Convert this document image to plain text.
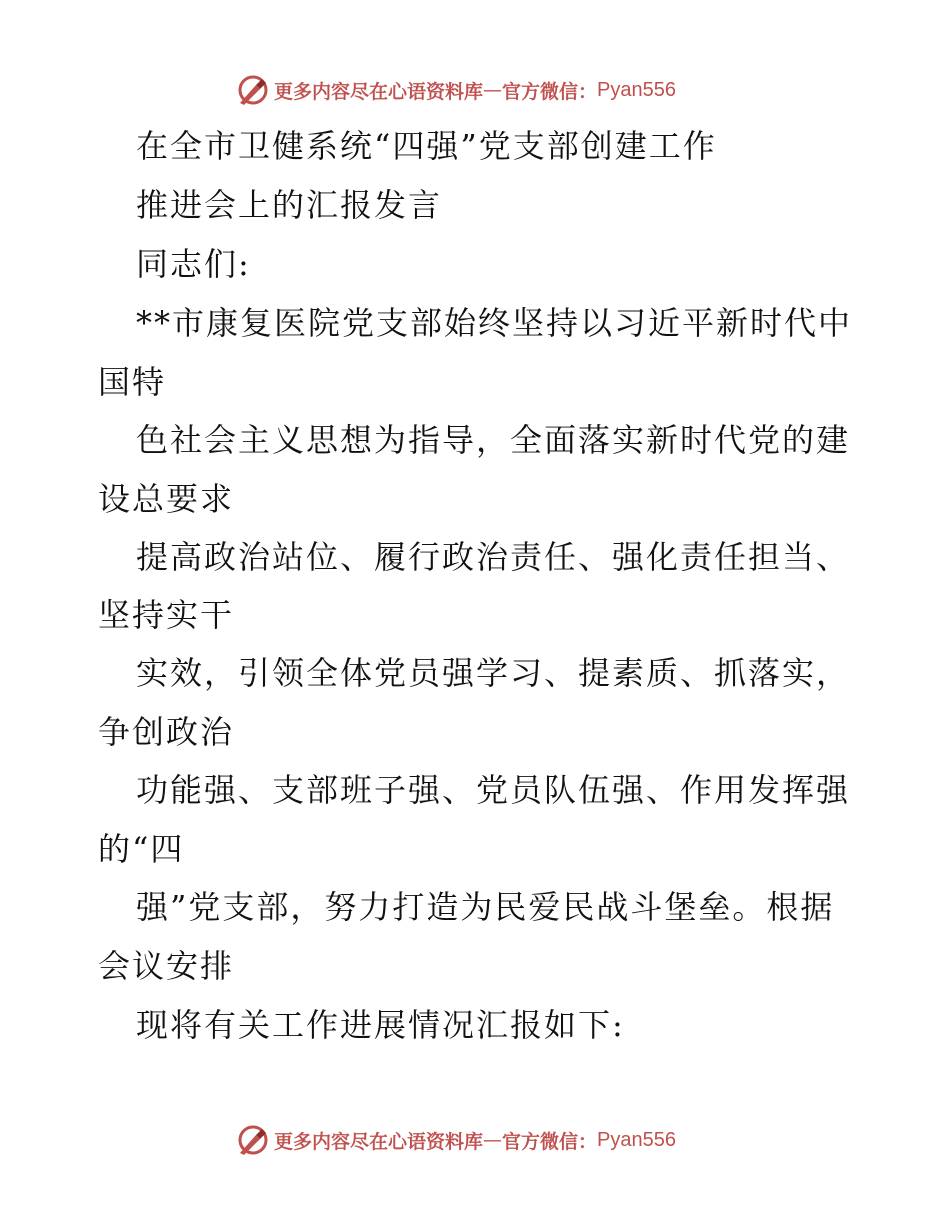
更多内容尽在心语资料库 — 官方微信： Pyan556
在全市卫健系统“四强”党支部创建工作
推进会上的汇报发言
同志们:
**市康复医院党支部始终坚持以习近平新时代中
国特
色社会主义思想为指导，全面落实新时代党的建
设总要求
提高政治站位、履行政治责任、强化责任担当、
坚持实干
实效，引领全体党员强学习、提素质、抓落实，
争创政治
功能强、支部班子强、党员队伍强、作用发挥强
的“四
强”党支部，努力打造为民爱民战斗堡垒。根据
会议安排
现将有关工作进展情况汇报如下:
更多内容尽在心语资料库 — 官方微信： Pyan556
